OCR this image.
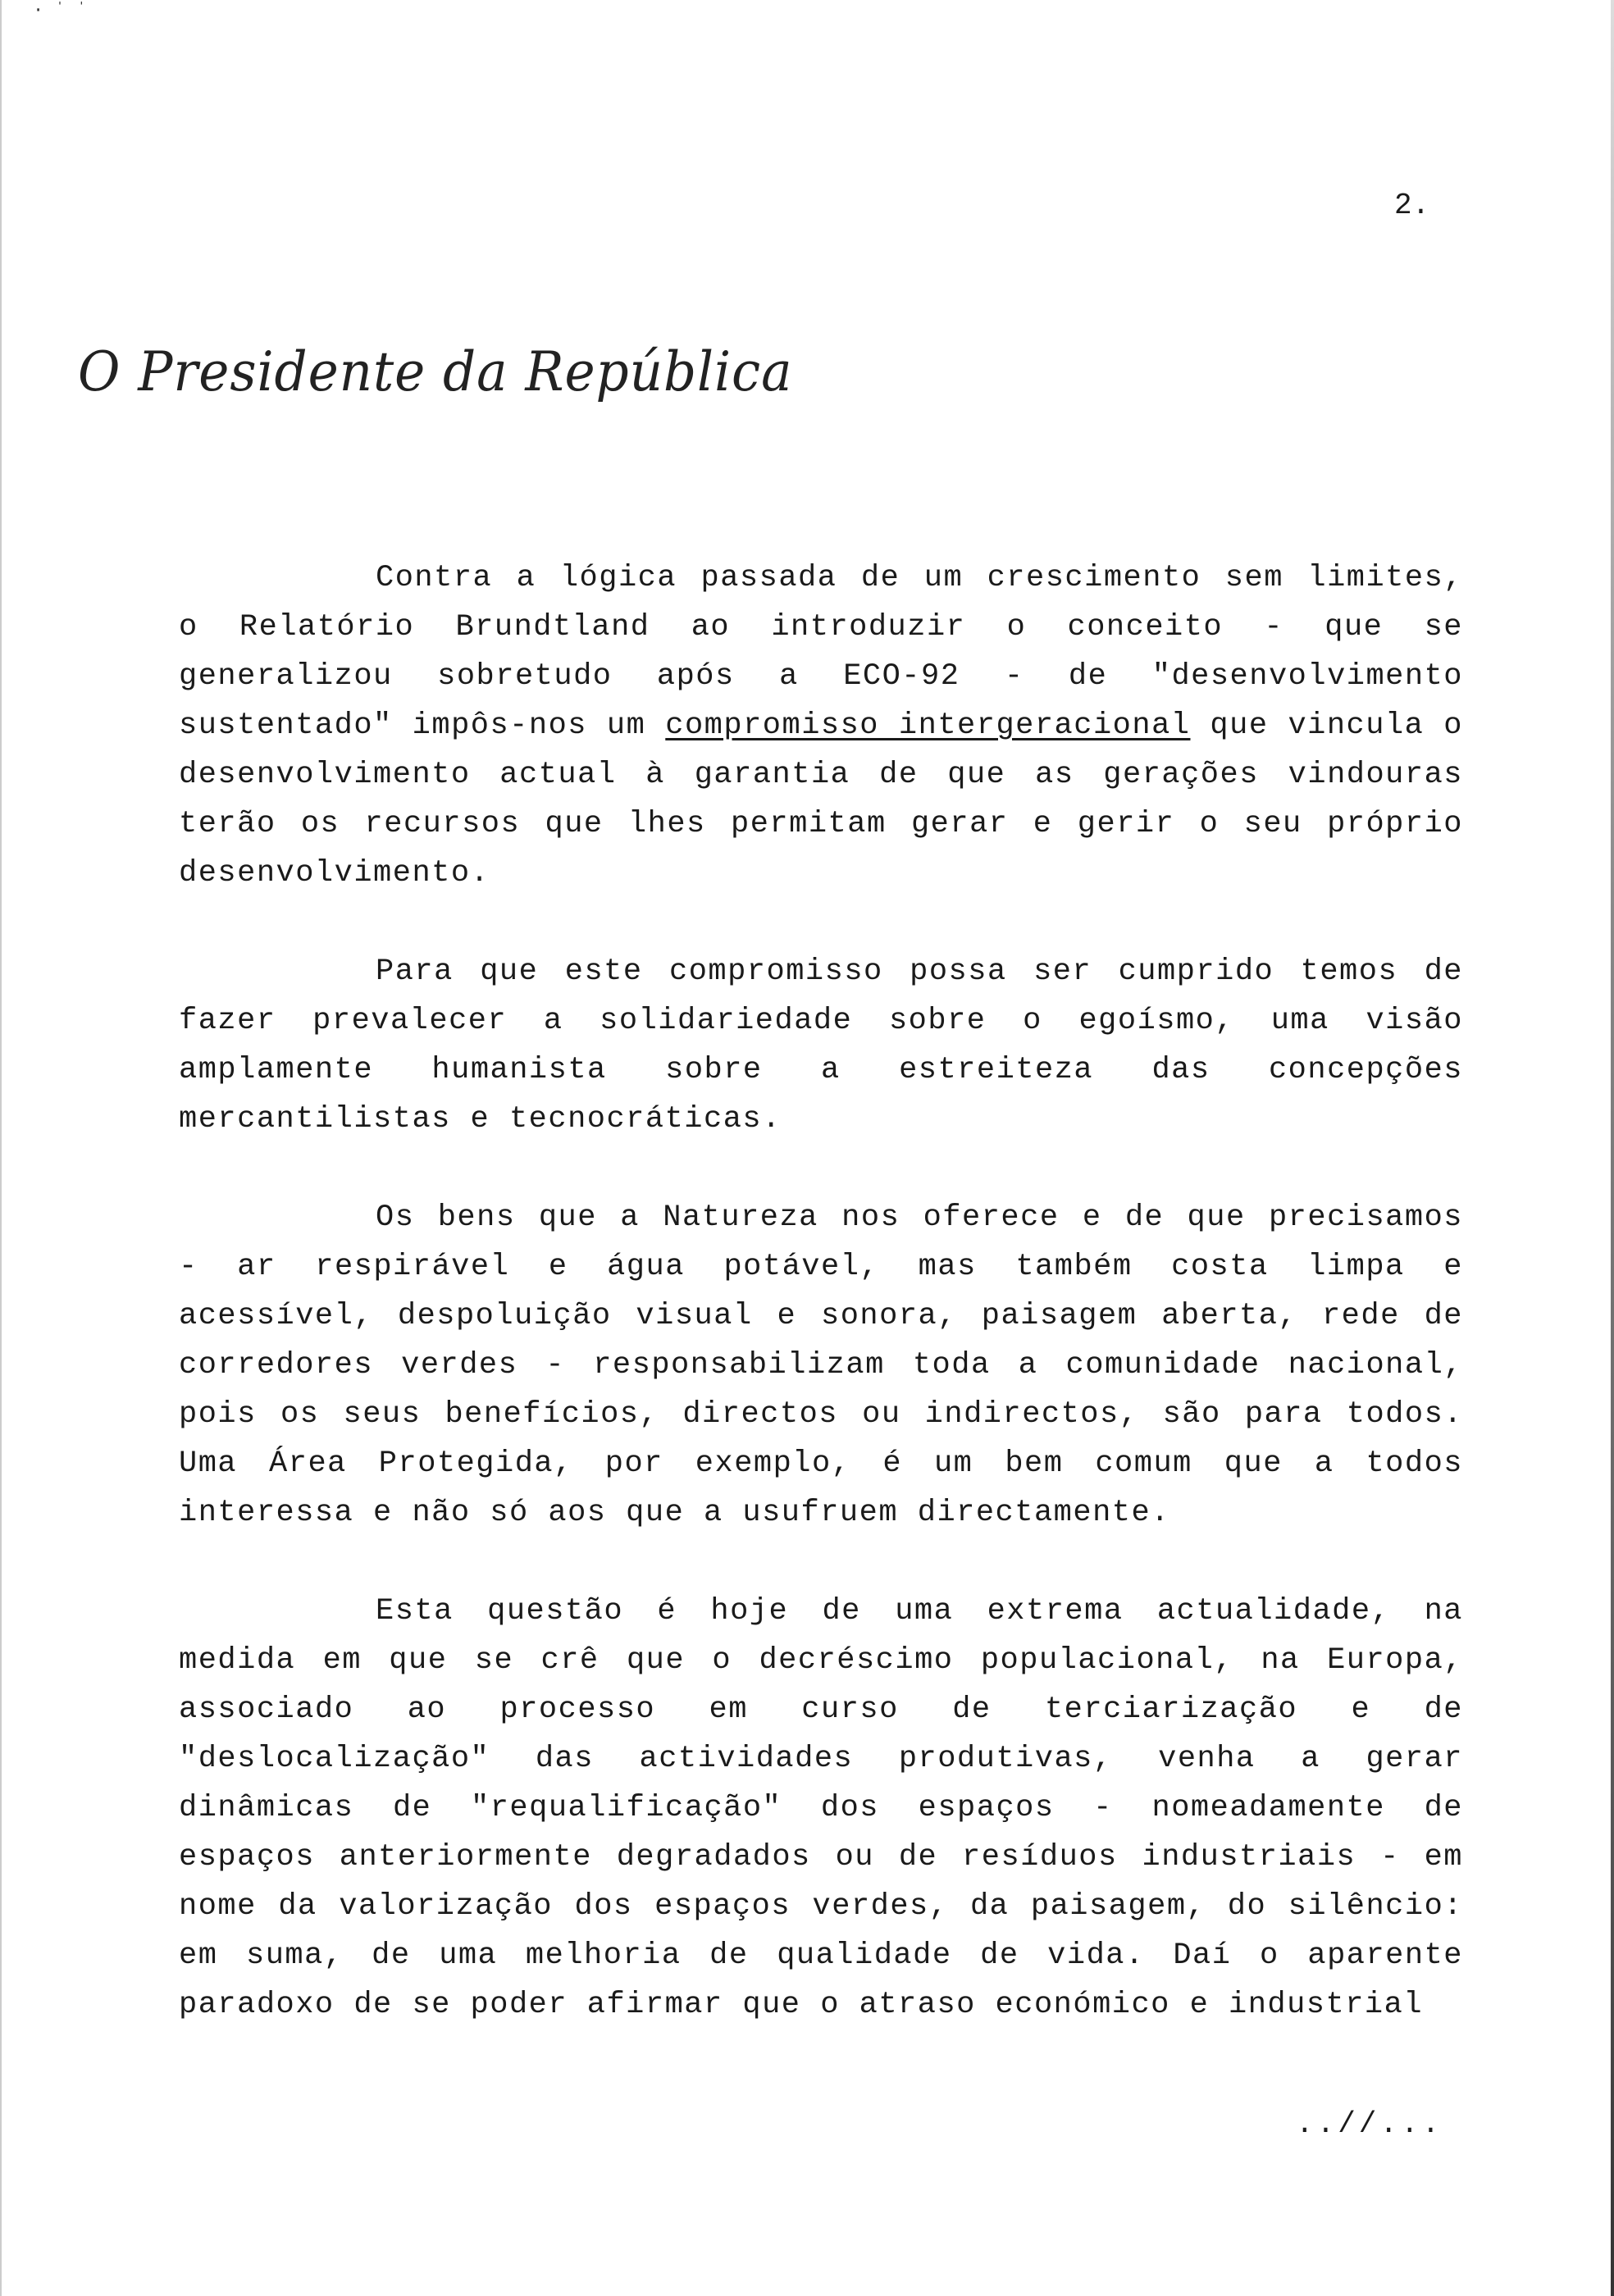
· ˈ ˈ
2.
O Presidente da República

Contra a lógica passada de um crescimento sem limites, o Relatório Brundtland ao introduzir o conceito - que se generalizou sobretudo após a ECO-92 - de "desenvolvimento sustentado" impôs-nos um compromisso intergeracional que vincula o desenvolvimento actual à garantia de que as gerações vindouras terão os recursos que lhes permitam gerar e gerir o seu próprio desenvolvimento.

Para que este compromisso possa ser cumprido temos de fazer prevalecer a solidariedade sobre o egoísmo, uma visão amplamente humanista sobre a estreiteza das concepções mercantilistas e tecnocráticas.

Os bens que a Natureza nos oferece e de que precisamos - ar respirável e água potável, mas também costa limpa e acessível, despoluição visual e sonora, paisagem aberta, rede de corredores verdes - responsabilizam toda a comunidade nacional, pois os seus benefícios, directos ou indirectos, são para todos. Uma Área Protegida, por exemplo, é um bem comum que a todos interessa e não só aos que a usufruem directamente.

Esta questão é hoje de uma extrema actualidade, na medida em que se crê que o decréscimo populacional, na Europa, associado ao processo em curso de terciarização e de "deslocalização" das actividades produtivas, venha a gerar dinâmicas de "requalificação" dos espaços - nomeadamente de espaços anteriormente degradados ou de resíduos industriais - em nome da valorização dos espaços verdes, da paisagem, do silêncio: em suma, de uma melhoria de qualidade de vida. Daí o aparente paradoxo de se poder afirmar que o atraso económico e industrial

..//...
